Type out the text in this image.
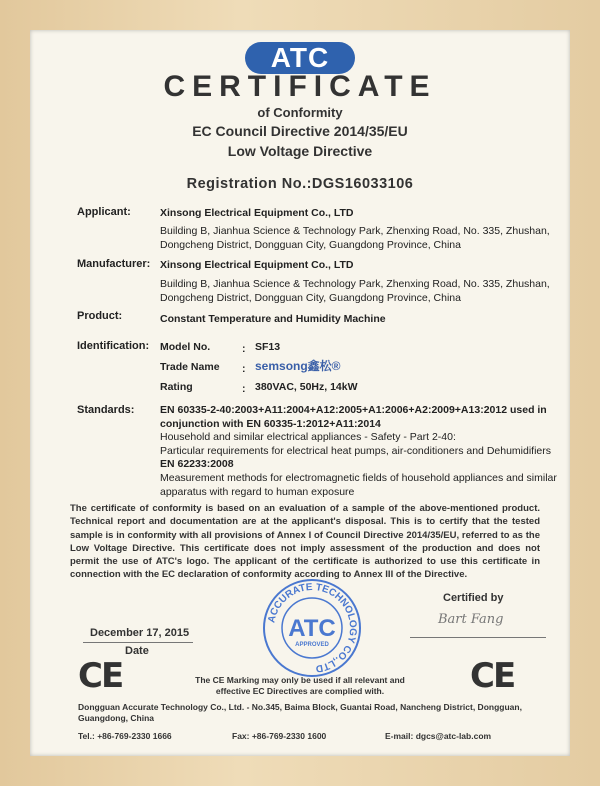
ATC
CERTIFICATE
of Conformity
EC Council Directive 2014/35/EU
Low Voltage Directive
Registration No.:DGS16033106
Applicant:	Xinsong Electrical Equipment Co., LTD
Building B, Jianhua Science & Technology Park, Zhenxing Road, No. 335, Zhushan,
Dongcheng District, Dongguan City, Guangdong Province, China
Manufacturer: Xinsong Electrical Equipment Co., LTD
Building B, Jianhua Science & Technology Park, Zhenxing Road, No. 335, Zhushan,
Dongcheng District, Dongguan City, Guangdong Province, China
Product:	Constant Temperature and Humidity Machine
Identification: Model No.	: SF13
Trade Name : semsong鑫松®
Rating	: 380VAC, 50Hz, 14kW
Standards: EN 60335-2-40:2003+A11:2004+A12:2005+A1:2006+A2:2009+A13:2012 used in
conjunction with EN 60335-1:2012+A11:2014
Household and similar electrical appliances - Safety - Part 2-40:
Particular requirements for electrical heat pumps, air-conditioners and Dehumidifiers
EN 62233:2008
Measurement methods for electromagnetic fields of household appliances and similar
apparatus with regard to human exposure
The certificate of conformity is based on an evaluation of a sample of the above-mentioned product. Technical report and documentation are at the applicant's disposal. This is to certify that the tested sample is in conformity with all provisions of Annex I of Council Directive 2014/35/EU, referred to as the Low Voltage Directive. This certificate does not imply assessment of the production and does not permit the use of ATC's logo. The applicant of the certificate is authorized to use this certificate in connection with the EC declaration of conformity according to Annex III of the Directive.
Certified by
Bart Fang
December 17, 2015
Date
ACCURATE TECHNOLOGY CO.,LTD
ATC
APPROVED
CE	CE
The CE Marking may only be used if all relevant and
effective EC Directives are complied with.
Dongguan Accurate Technology Co., Ltd. - No.345, Baima Block, Guantai Road, Nancheng District, Dongguan,
Guangdong, China
Tel.: +86-769-2330 1666	Fax: +86-769-2330 1600	E-mail: dgcs@atc-lab.com
